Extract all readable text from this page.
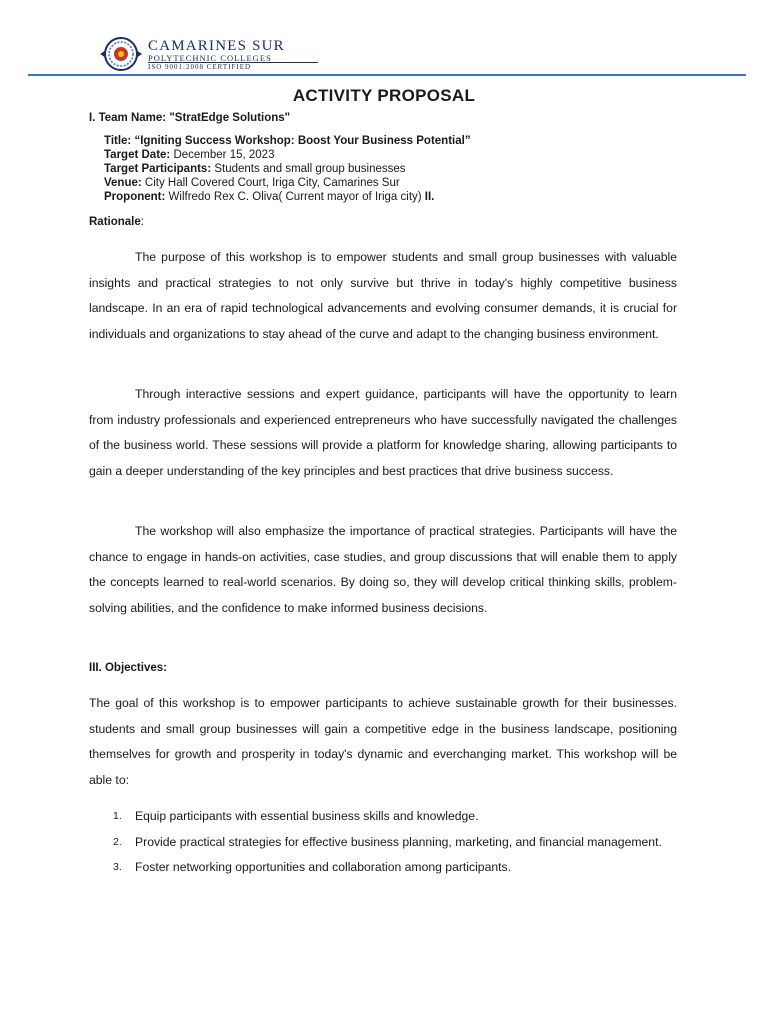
CAMARINES SUR
POLYTECHNIC COLLEGES
ISO 9001:2008 CERTIFIED
ACTIVITY PROPOSAL
I. Team Name: "StratEdge Solutions"
Title: “Igniting Success Workshop: Boost Your Business Potential”
Target Date: December 15, 2023
Target Participants: Students and small group businesses
Venue: City Hall Covered Court, Iriga City, Camarines Sur
Proponent: Wilfredo Rex C. Oliva( Current mayor of Iriga city) II.
Rationale:
The purpose of this workshop is to empower students and small group businesses with valuable insights and practical strategies to not only survive but thrive in today's highly competitive business landscape. In an era of rapid technological advancements and evolving consumer demands, it is crucial for individuals and organizations to stay ahead of the curve and adapt to the changing business environment.
Through interactive sessions and expert guidance, participants will have the opportunity to learn from industry professionals and experienced entrepreneurs who have successfully navigated the challenges of the business world. These sessions will provide a platform for knowledge sharing, allowing participants to gain a deeper understanding of the key principles and best practices that drive business success.
The workshop will also emphasize the importance of practical strategies. Participants will have the chance to engage in hands-on activities, case studies, and group discussions that will enable them to apply the concepts learned to real-world scenarios. By doing so, they will develop critical thinking skills, problem-solving abilities, and the confidence to make informed business decisions.
III. Objectives:
The goal of this workshop is to empower participants to achieve sustainable growth for their businesses. students and small group businesses will gain a competitive edge in the business landscape, positioning themselves for growth and prosperity in today's dynamic and everchanging market. This workshop will be able to:
1. Equip participants with essential business skills and knowledge.
2. Provide practical strategies for effective business planning, marketing, and financial management.
3. Foster networking opportunities and collaboration among participants.
